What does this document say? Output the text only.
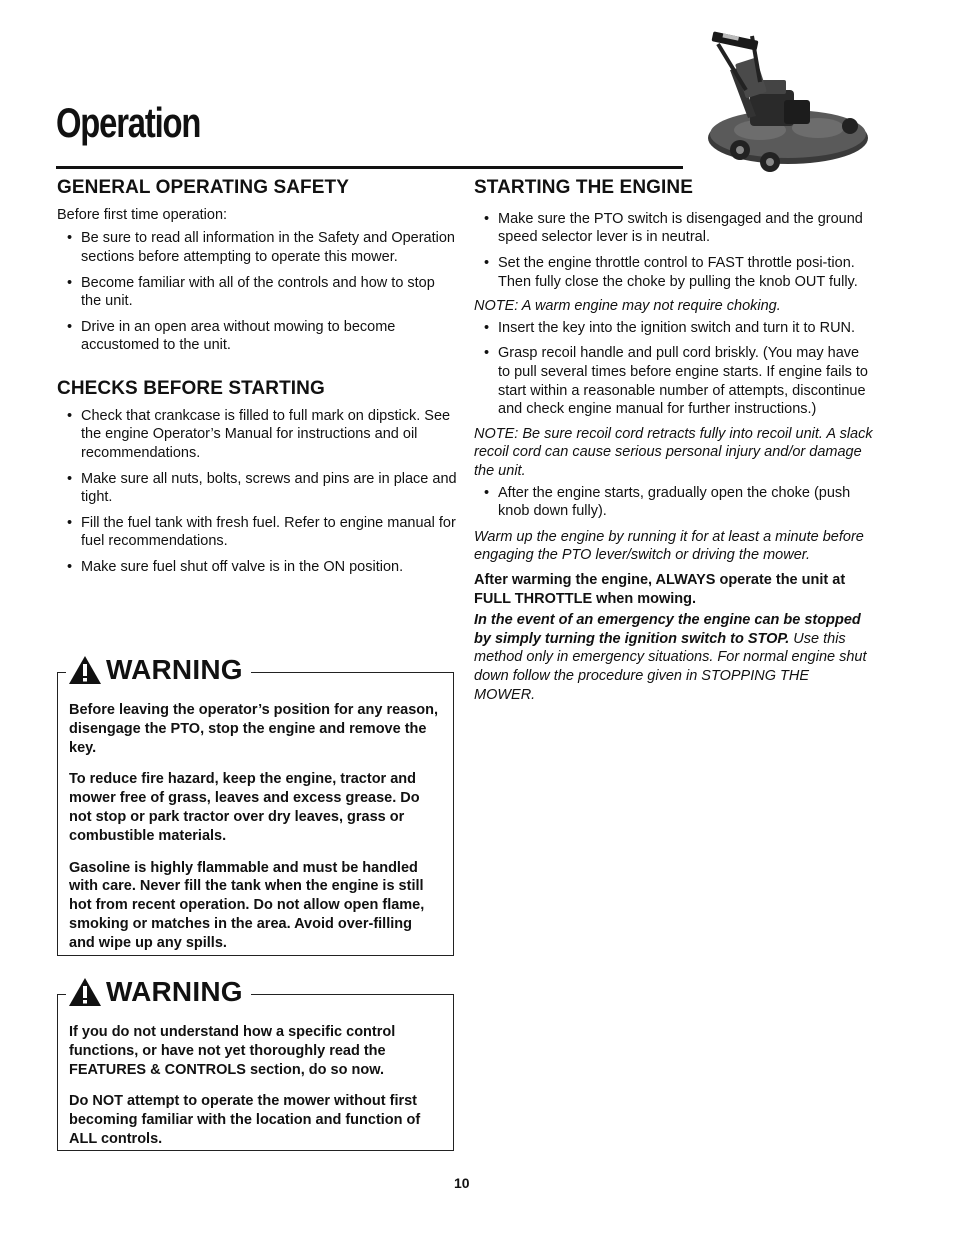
Operation
GENERAL OPERATING SAFETY

Before first time operation:

• Be sure to read all information in the Safety and Operation sections before attempting to operate this mower.
• Become familiar with all of the controls and how to stop the unit.
• Drive in an open area without mowing to become accustomed to the unit.
CHECKS BEFORE STARTING
• Check that crankcase is filled to full mark on dipstick. See the engine Operator’s Manual for instructions and oil recommendations.
• Make sure all nuts, bolts, screws and pins are in place and tight.
• Fill the fuel tank with fresh fuel. Refer to engine manual for fuel recommendations.
• Make sure fuel shut off valve is in the ON position.
WARNING

Before leaving the operator’s position for any reason, disengage the PTO, stop the engine and remove the key.

To reduce fire hazard, keep the engine, tractor and mower free of grass, leaves and excess grease. Do not stop or park tractor over dry leaves, grass or combustible materials.

Gasoline is highly flammable and must be handled with care. Never fill the tank when the engine is still hot from recent operation. Do not allow open flame, smoking or matches in the area. Avoid over-filling and wipe up any spills.

WARNING

If you do not understand how a specific control functions, or have not yet thoroughly read the FEATURES & CONTROLS section, do so now.

Do NOT attempt to operate the mower without first becoming familiar with the location and function of ALL controls.

STARTING THE ENGINE
• Make sure the PTO switch is disengaged and the ground speed selector lever is in neutral.
• Set the engine throttle control to FAST throttle posi-tion. Then fully close the choke by pulling the knob OUT fully.

NOTE: A warm engine may not require choking.

• Insert the key into the ignition switch and turn it to RUN.
• Grasp recoil handle and pull cord briskly. (You may have to pull several times before engine starts. If engine fails to start within a reasonable number of attempts, discontinue and check engine manual for further instructions.)

NOTE: Be sure recoil cord retracts fully into recoil unit. A slack recoil cord can cause serious personal injury and/or damage the unit.

• After the engine starts, gradually open the choke (push knob down fully).

Warm up the engine by running it for at least a minute before engaging the PTO lever/switch or driving the mower.

After warming the engine, ALWAYS operate the unit at FULL THROTTLE when mowing.

In the event of an emergency the engine can be stopped by simply turning the ignition switch to STOP. Use this method only in emergency situations. For normal engine shut down follow the procedure given in STOPPING THE MOWER.

10
